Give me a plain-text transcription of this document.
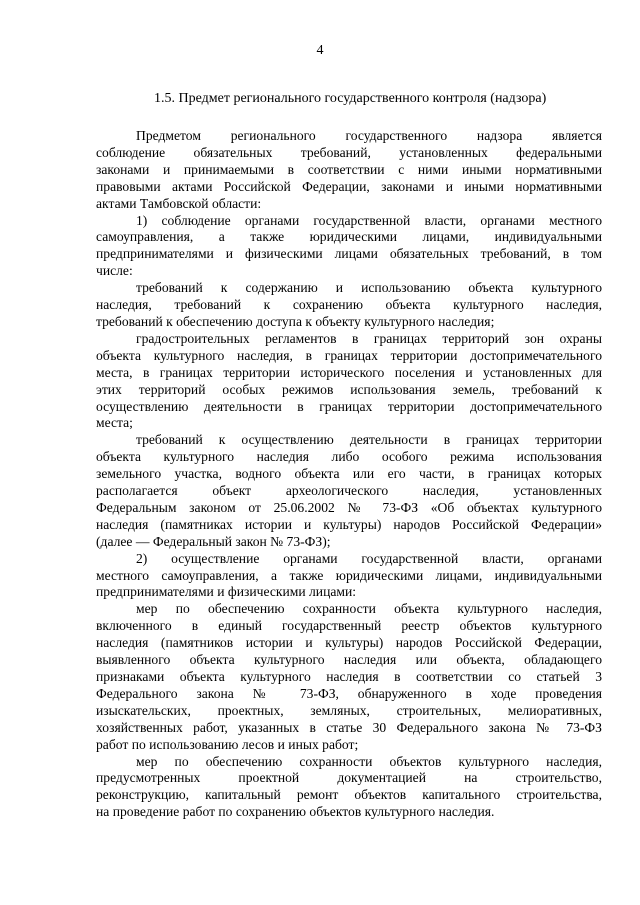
4
1.5. Предмет регионального государственного контроля (надзора)

Предметом регионального государственного надзора является
соблюдение обязательных требований, установленных федеральными
законами и принимаемыми в соответствии с ними иными нормативными
правовыми актами Российской Федерации, законами и иными нормативными
актами Тамбовской области:

1) соблюдение органами государственной власти, органами местного
самоуправления, а также юридическими лицами, индивидуальными
предпринимателями и физическими лицами обязательных требований, в том
числе:

требований к содержанию и использованию объекта культурного
наследия, требований к сохранению объекта культурного наследия,
требований к обеспечению доступа к объекту культурного наследия;

градостроительных регламентов в границах территорий зон охраны
объекта культурного наследия, в границах территории достопримечательного
места, в границах территории исторического поселения и установленных для
этих территорий особых режимов использования земель, требований к
осуществлению деятельности в границах территории достопримечательного
места;

требований к осуществлению деятельности в границах территории
объекта культурного наследия либо особого режима использования
земельного участка, водного объекта или его части, в границах которых
располагается объект археологического наследия, установленных
Федеральным законом от 25.06.2002 № 73-ФЗ «Об объектах культурного
наследия (памятниках истории и культуры) народов Российской Федерации»
(далее — Федеральный закон № 73-ФЗ);

2) осуществление органами государственной власти, органами
местного самоуправления, а также юридическими лицами, индивидуальными
предпринимателями и физическими лицами:

мер по обеспечению сохранности объекта культурного наследия,
включенного в единый государственный реестр объектов культурного
наследия (памятников истории и культуры) народов Российской Федерации,
выявленного объекта культурного наследия или объекта, обладающего
признаками объекта культурного наследия в соответствии со статьей 3
Федерального закона № 73-ФЗ, обнаруженного в ходе проведения
изыскательских, проектных, земляных, строительных, мелиоративных,
хозяйственных работ, указанных в статье 30 Федерального закона № 73-ФЗ
работ по использованию лесов и иных работ;

мер по обеспечению сохранности объектов культурного наследия,
предусмотренных проектной документацией на строительство,
реконструкцию, капитальный ремонт объектов капитального строительства,
на проведение работ по сохранению объектов культурного наследия.
